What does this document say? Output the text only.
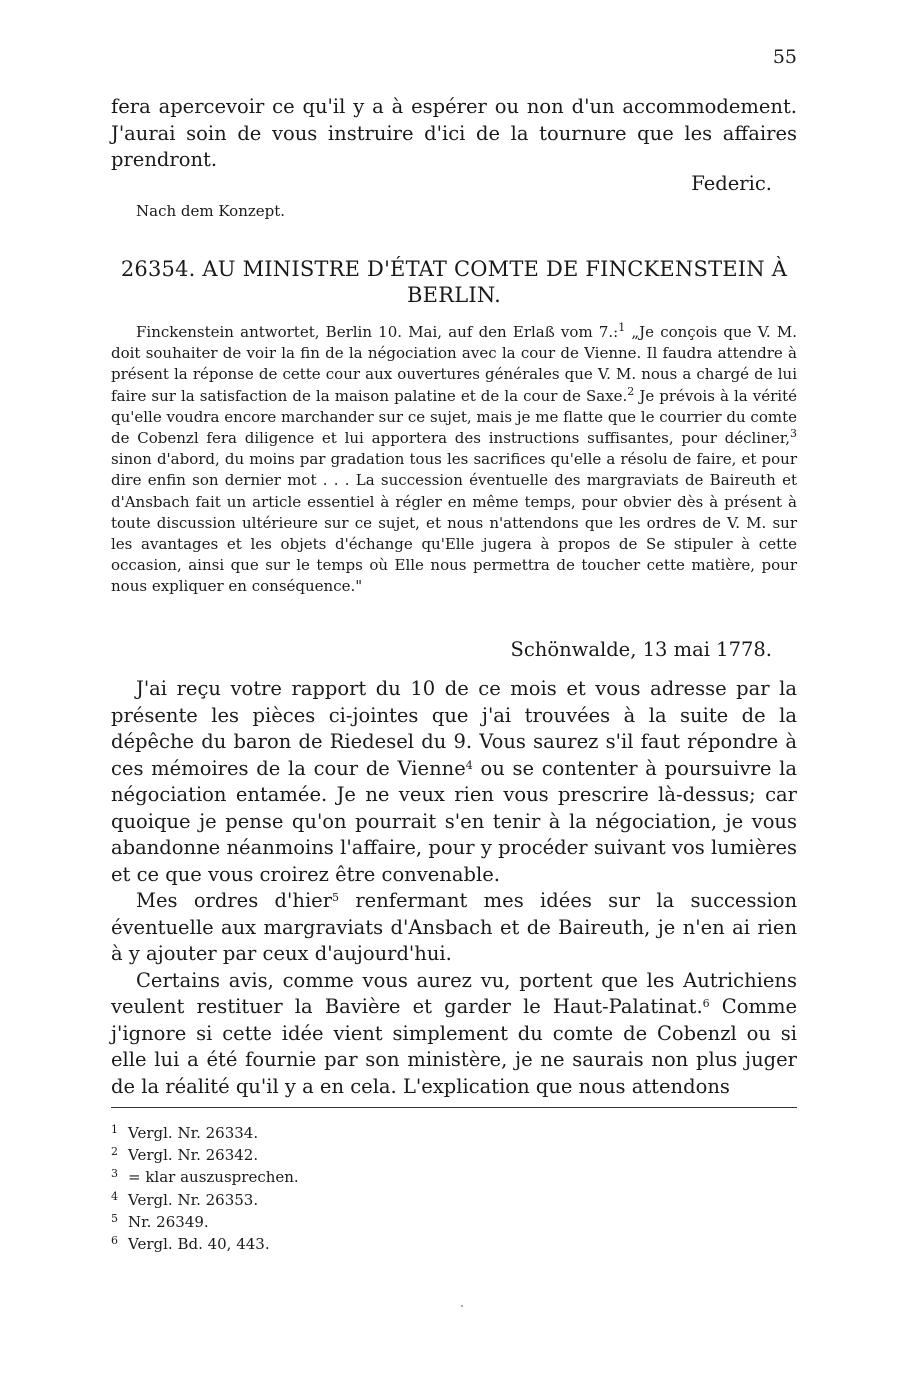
55

fera apercevoir ce qu'il y a à espérer ou non d'un accommodement. J'aurai soin de vous instruire d'ici de la tournure que les affaires prendront.

Federic.
Nach dem Konzept.
26354. AU MINISTRE D'ÉTAT COMTE DE FINCKENSTEIN À BERLIN.

Finckenstein antwortet, Berlin 10. Mai, auf den Erlaß vom 7.:$^1$ „Je conçois que V. M. doit souhaiter de voir la fin de la négociation avec la cour de Vienne. Il faudra attendre à présent la réponse de cette cour aux ouvertures générales que V. M. nous a chargé de lui faire sur la satisfaction de la maison palatine et de la cour de Saxe.$^2$ Je prévois à la vérité qu'elle voudra encore marchander sur ce sujet, mais je me flatte que le courrier du comte de Cobenzl fera diligence et lui apportera des instructions suffisantes, pour décliner,$^3$ sinon d'abord, du moins par gradation tous les sacrifices qu'elle a résolu de faire, et pour dire enfin son dernier mot . . . La succession éventuelle des margraviats de Baireuth et d'Ansbach fait un article essentiel à régler en même temps, pour obvier dès à présent à toute discussion ultérieure sur ce sujet, et nous n'attendons que les ordres de V. M. sur les avantages et les objets d'échange qu'Elle jugera à propos de Se stipuler à cette occasion, ainsi que sur le temps où Elle nous permettra de toucher cette matière, pour nous expliquer en conséquence."

Schönwalde, 13 mai 1778.

J'ai reçu votre rapport du 10 de ce mois et vous adresse par la présente les pièces ci-jointes que j'ai trouvées à la suite de la dépêche du baron de Riedesel du 9. Vous saurez s'il faut répondre à ces mémoires de la cour de Vienne$^4$ ou se contenter à poursuivre la négociation entamée. Je ne veux rien vous prescrire là-dessus; car quoique je pense qu'on pourrait s'en tenir à la négociation, je vous abandonne néanmoins l'affaire, pour y procéder suivant vos lumières et ce que vous croirez être convenable.

Mes ordres d'hier$^5$ renfermant mes idées sur la succession éventuelle aux margraviats d'Ansbach et de Baireuth, je n'en ai rien à y ajouter par ceux d'aujourd'hui.

Certains avis, comme vous aurez vu, portent que les Autrichiens veulent restituer la Bavière et garder le Haut-Palatinat.$^6$ Comme j'ignore si cette idée vient simplement du comte de Cobenzl ou si elle lui a été fournie par son ministère, je ne saurais non plus juger de la réalité qu'il y a en cela. L'explication que nous attendons

1 Vergl. Nr. 26334.
2 Vergl. Nr. 26342.
3 = klar auszusprechen.
4 Vergl. Nr. 26353.
5 Nr. 26349.
6 Vergl. Bd. 40, 443.
